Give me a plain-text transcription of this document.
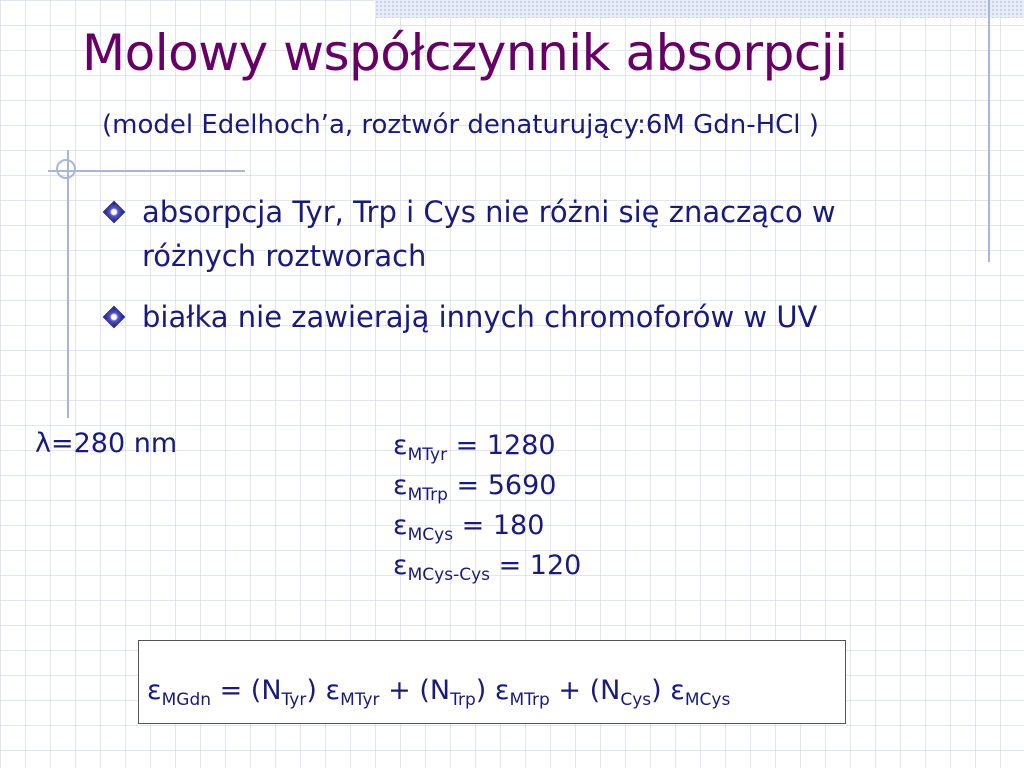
Molowy współczynnik absorpcji
(model Edelhoch’a, roztwór denaturujący:6M Gdn-HCl )
absorpcja Tyr, Trp i Cys nie różni się znacząco w
różnych roztworach
białka nie zawierają innych chromoforów w UV
λ=280 nm	$\varepsilon_{MTyr} = 1280$
$\varepsilon_{MTrp} = 5690$
$\varepsilon_{MCys} = 180$
$\varepsilon_{MCys-Cys} = 120$
$\varepsilon_{MGdn} = (N_{Tyr}) \varepsilon_{MTyr} + (N_{Trp}) \varepsilon_{MTrp} + (N_{Cys})$ $\varepsilon_{MCys}$
